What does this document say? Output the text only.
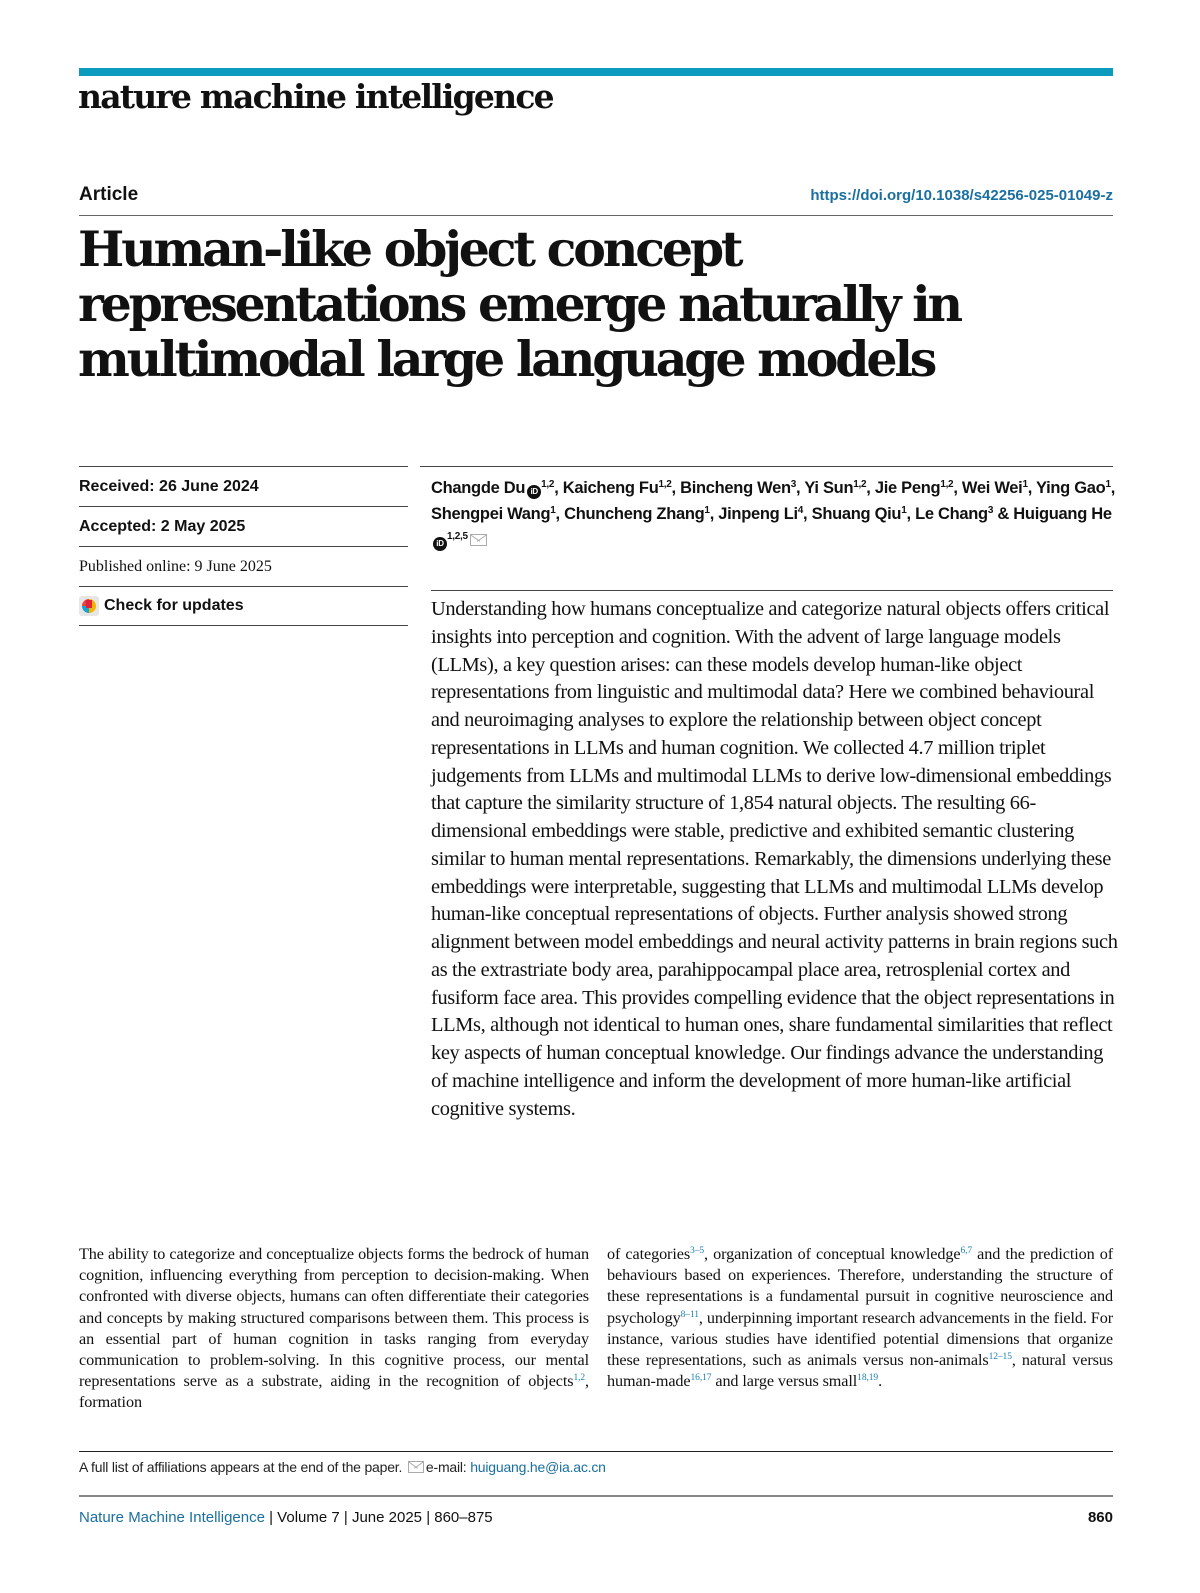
nature machine intelligence
Article	https://doi.org/10.1038/s42256-025-01049-z
Human-like object concept representations emerge naturally in multimodal large language models
Received: 26 June 2024
Accepted: 2 May 2025
Published online: 9 June 2025
Check for updates
Changde Du iD$^{1,2}$, Kaicheng Fu$^{1,2}$, Bincheng Wen$^3$, Yi Sun$^{1,2}$, Jie Peng$^{1,2}$, Wei Wei$^1$, Ying Gao$^1$, Shengpei Wang$^1$, Chuncheng Zhang$^1$, Jinpeng Li$^4$, Shuang Qiu$^1$, Le Chang$^3$ & Huiguang HeiD$^{1,2,5}$

Understanding how humans conceptualize and categorize natural objects offers critical insights into perception and cognition. With the advent of large language models (LLMs), a key question arises: can these models develop human-like object representations from linguistic and multimodal data? Here we combined behavioural and neuroimaging analyses to explore the relationship between object concept representations in LLMs and human cognition. We collected 4.7 million triplet judgements from LLMs and multimodal LLMs to derive low-dimensional embeddings that capture the similarity structure of 1,854 natural objects. The resulting 66-dimensional embeddings were stable, predictive and exhibited semantic clustering similar to human mental representations. Remarkably, the dimensions underlying these embeddings were interpretable, suggesting that LLMs and multimodal LLMs develop human-like conceptual representations of objects. Further analysis showed strong alignment between model embeddings and neural activity patterns in brain regions such as the extrastriate body area, parahippocampal place area, retrosplenial cortex and fusiform face area. This provides compelling evidence that the object representations in LLMs, although not identical to human ones, share fundamental similarities that reflect key aspects of human conceptual knowledge. Our findings advance the understanding of machine intelligence and inform the development of more human-like artificial cognitive systems.

The ability to categorize and conceptualize objects forms the bedrock of human cognition, influencing everything from perception to decision-making. When confronted with diverse objects, humans can often differentiate their categories and concepts by making structured comparisons between them. This process is an essential part of human cognition in tasks ranging from everyday communication to problem-solving. In this cognitive process, our mental representations serve as a substrate, aiding in the recognition of objects$^{1,2}$, formation

of categories$^{3-5}$, organization of conceptual knowledge$^{6,7}$ and the prediction of behaviours based on experiences. Therefore, understanding the structure of these representations is a fundamental pursuit in cognitive neuroscience and psychology$^{8-11}$, underpinning important research advancements in the field. For instance, various studies have identified potential dimensions that organize these representations, such as animals versus non-animals$^{12-15}$, natural versus human-made$^{16,17}$ and large versus small$^{18,19}$.

A full list of affiliations appears at the end of the paper. e-mail: huiguang.he@ia.ac.cn
Nature Machine Intelligence | Volume 7 | June 2025 | 860–875	860
